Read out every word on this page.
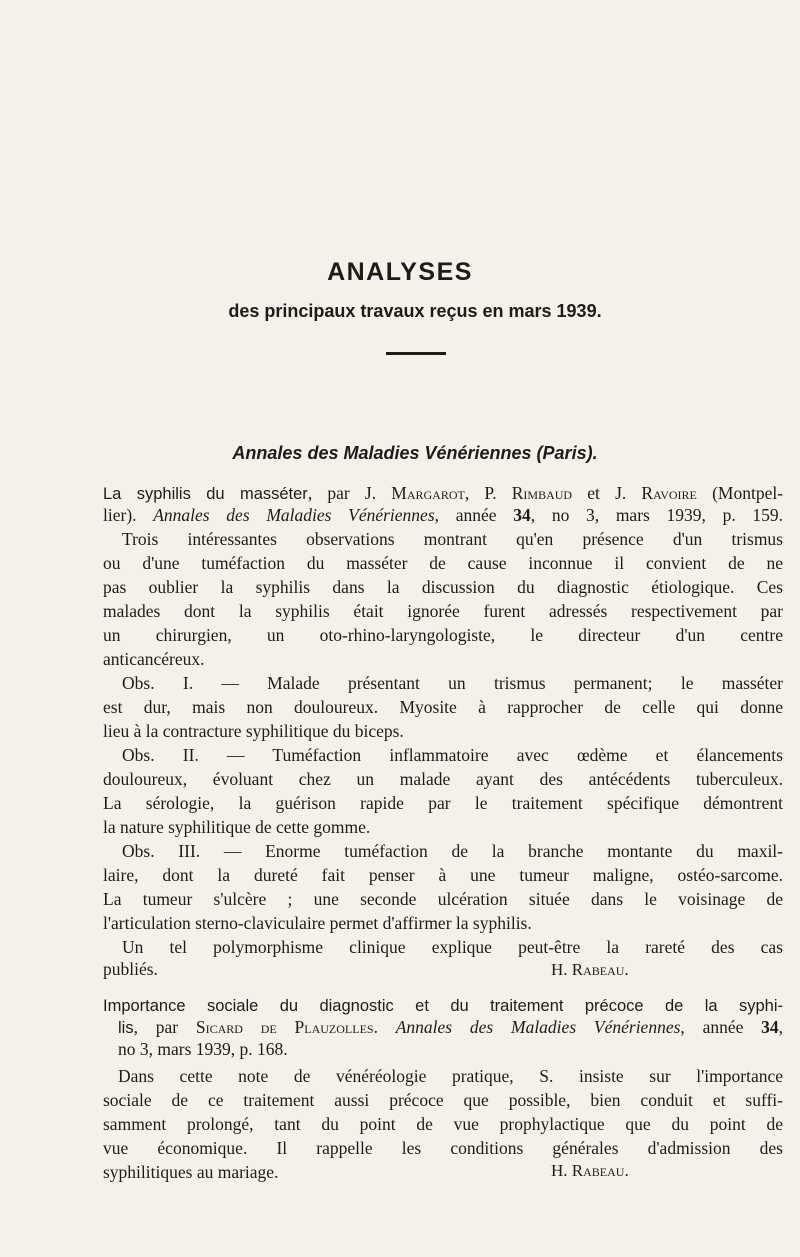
ANALYSES
des principaux travaux reçus en mars 1939.
Annales des Maladies Vénériennes (Paris).
La syphilis du masséter, par J. Margarot, P. Rimbaud et J. Ravoire (Montpel-
lier). Annales des Maladies Vénériennes, année 34, no 3, mars 1939, p. 159.
Trois intéressantes observations montrant qu'en présence d'un trismus
ou d'une tuméfaction du masséter de cause inconnue il convient de ne
pas oublier la syphilis dans la discussion du diagnostic étiologique. Ces
malades dont la syphilis était ignorée furent adressés respectivement par
un chirurgien, un oto-rhino-laryngologiste, le directeur d'un centre
anticancéreux.
Obs. I. — Malade présentant un trismus permanent; le masséter
est dur, mais non douloureux. Myosite à rapprocher de celle qui donne
lieu à la contracture syphilitique du biceps.
Obs. II. — Tuméfaction inflammatoire avec œdème et élancements
douloureux, évoluant chez un malade ayant des antécédents tuberculeux.
La sérologie, la guérison rapide par le traitement spécifique démontrent
la nature syphilitique de cette gomme.
Obs. III. — Enorme tuméfaction de la branche montante du maxil-
laire, dont la dureté fait penser à une tumeur maligne, ostéo-sarcome.
La tumeur s'ulcère ; une seconde ulcération située dans le voisinage de
l'articulation sterno-claviculaire permet d'affirmer la syphilis.
Un tel polymorphisme clinique explique peut-être la rareté des cas
publiés.	H. Rabeau.
Importance sociale du diagnostic et du traitement précoce de la syphi-
lis, par Sicard de Plauzolles. Annales des Maladies Vénériennes, année 34,
no 3, mars 1939, p. 168.
Dans cette note de vénéréologie pratique, S. insiste sur l'importance
sociale de ce traitement aussi précoce que possible, bien conduit et suffi-
samment prolongé, tant du point de vue prophylactique que du point de
vue économique. Il rappelle les conditions générales d'admission des
syphilitiques au mariage.	H. Rabeau.
